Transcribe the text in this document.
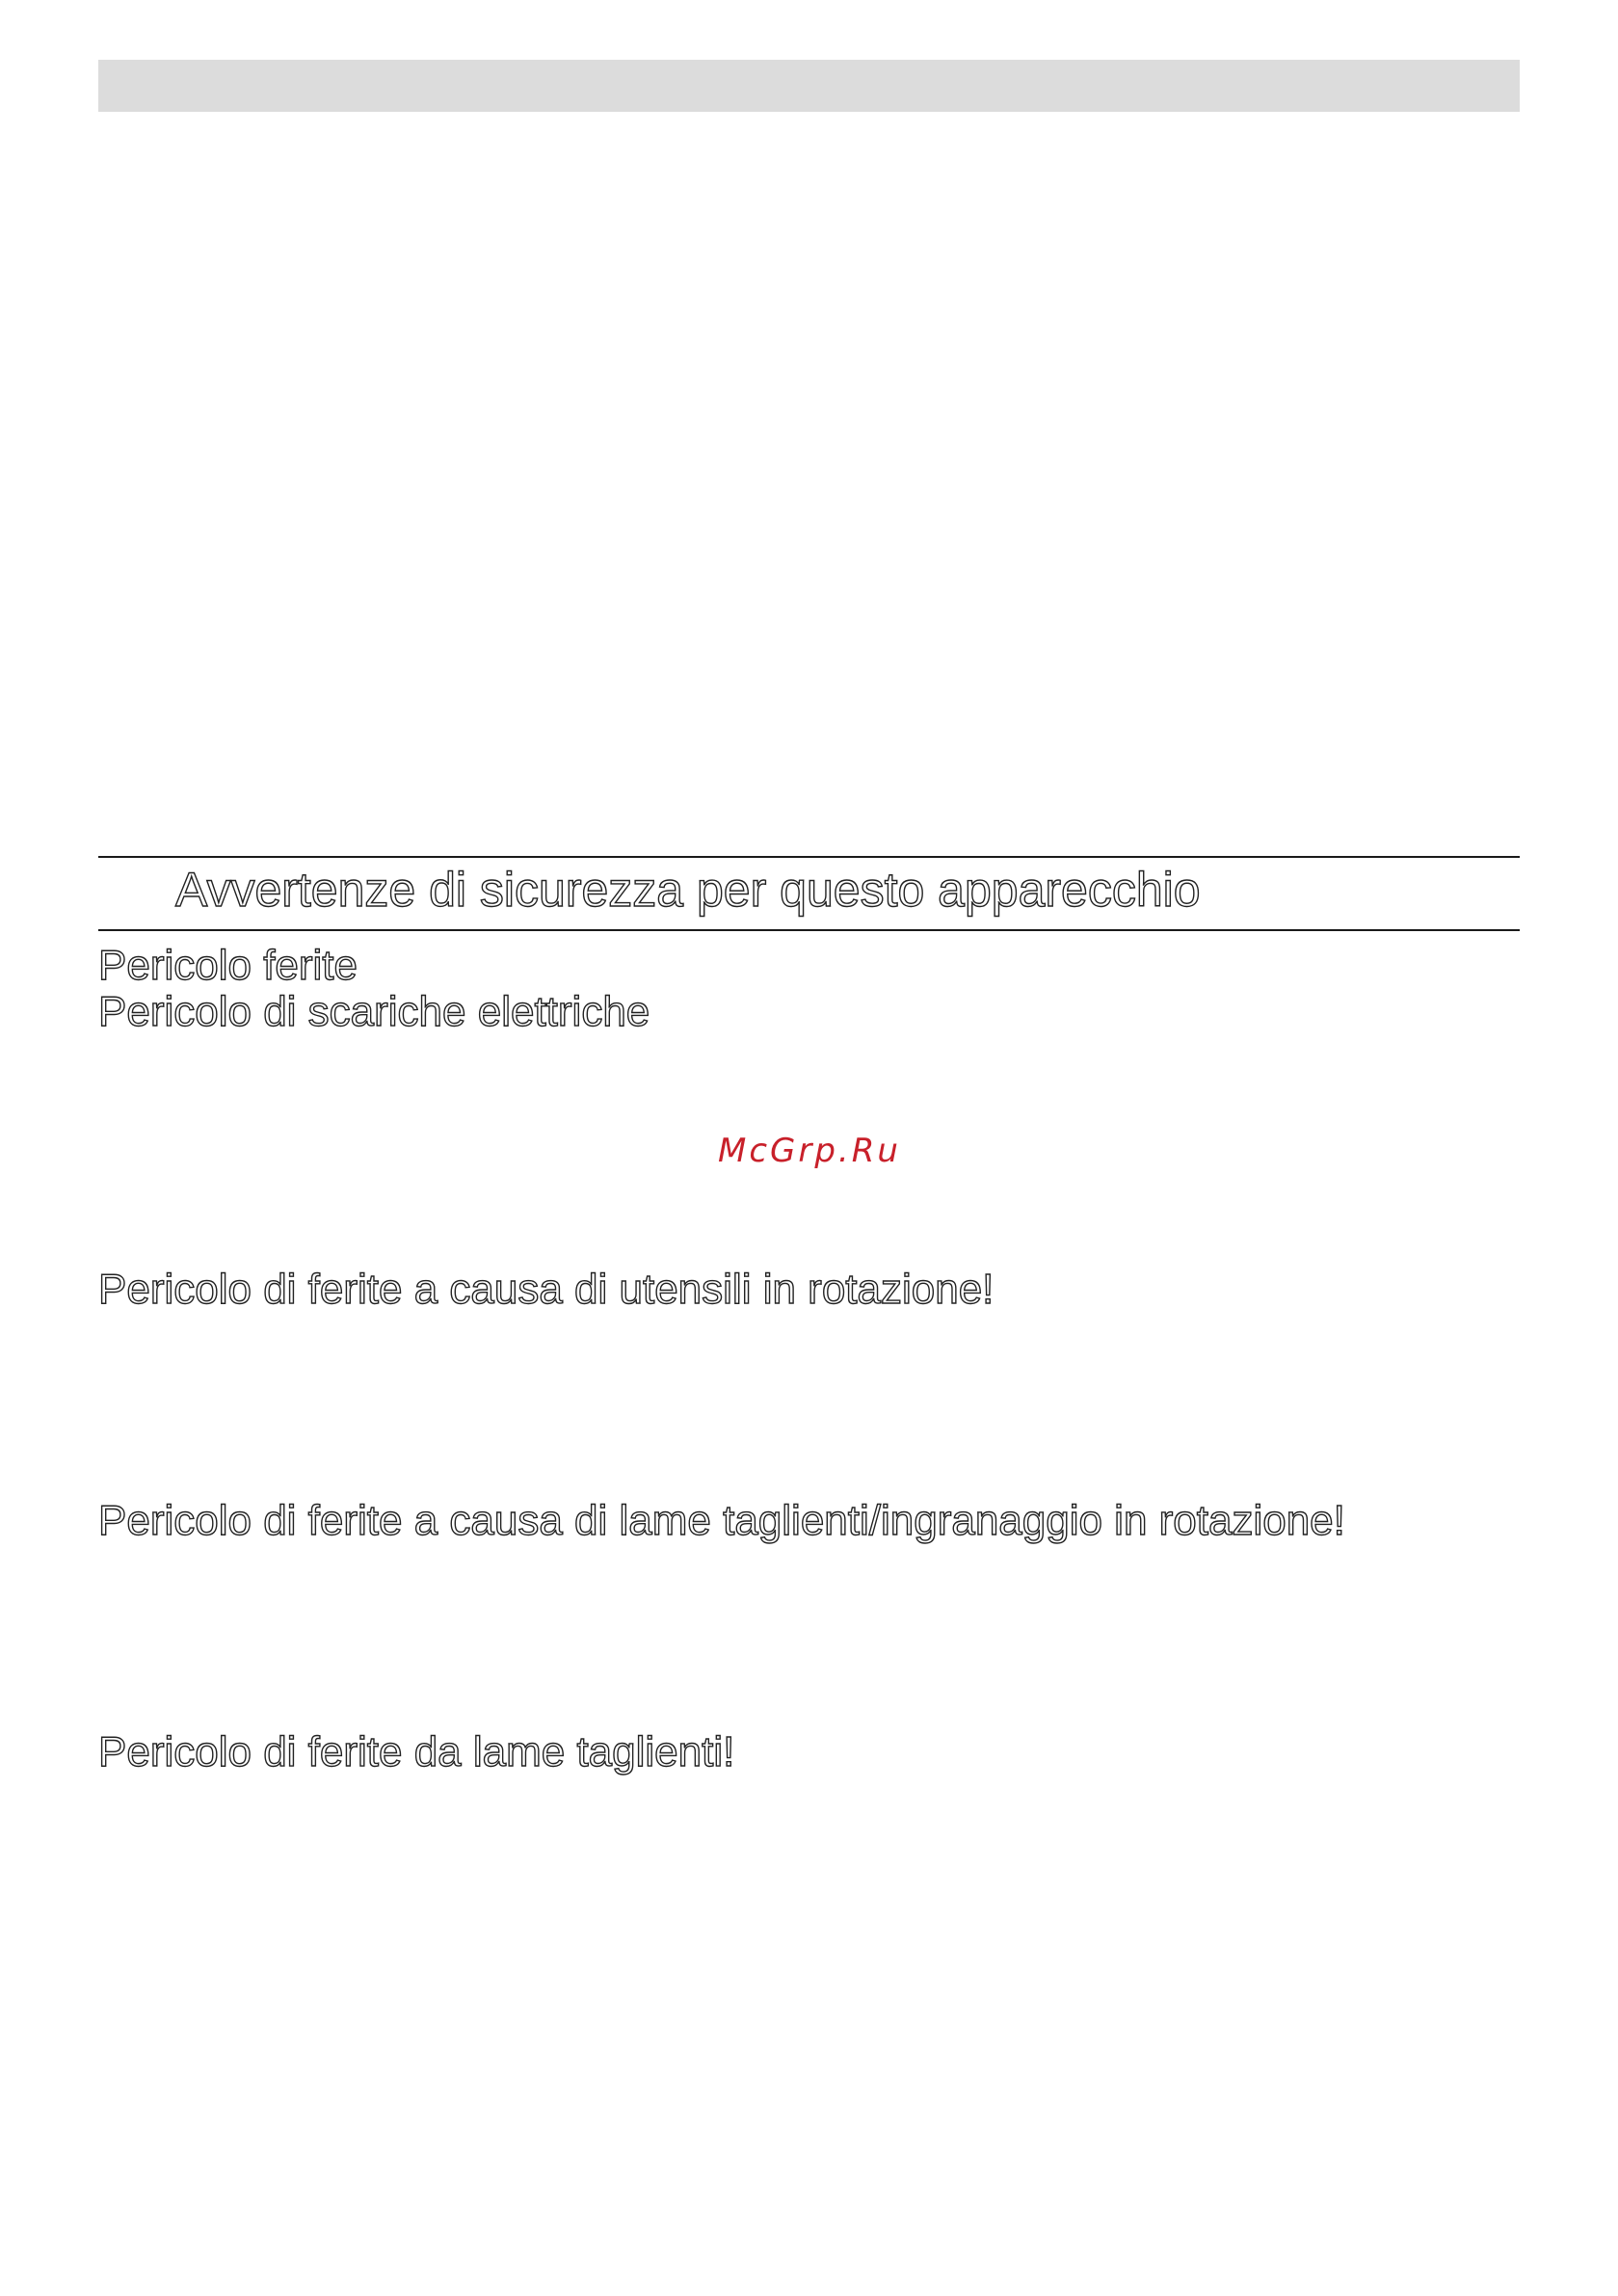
Avvertenze di sicurezza per questo apparecchio

Pericolo ferite

Pericolo di scariche elettriche

McGrp.Ru

Pericolo di ferite a causa di utensili in rotazione!

Pericolo di ferite a causa di lame taglienti/ingranaggio in rotazione!

Pericolo di ferite da lame taglienti!
